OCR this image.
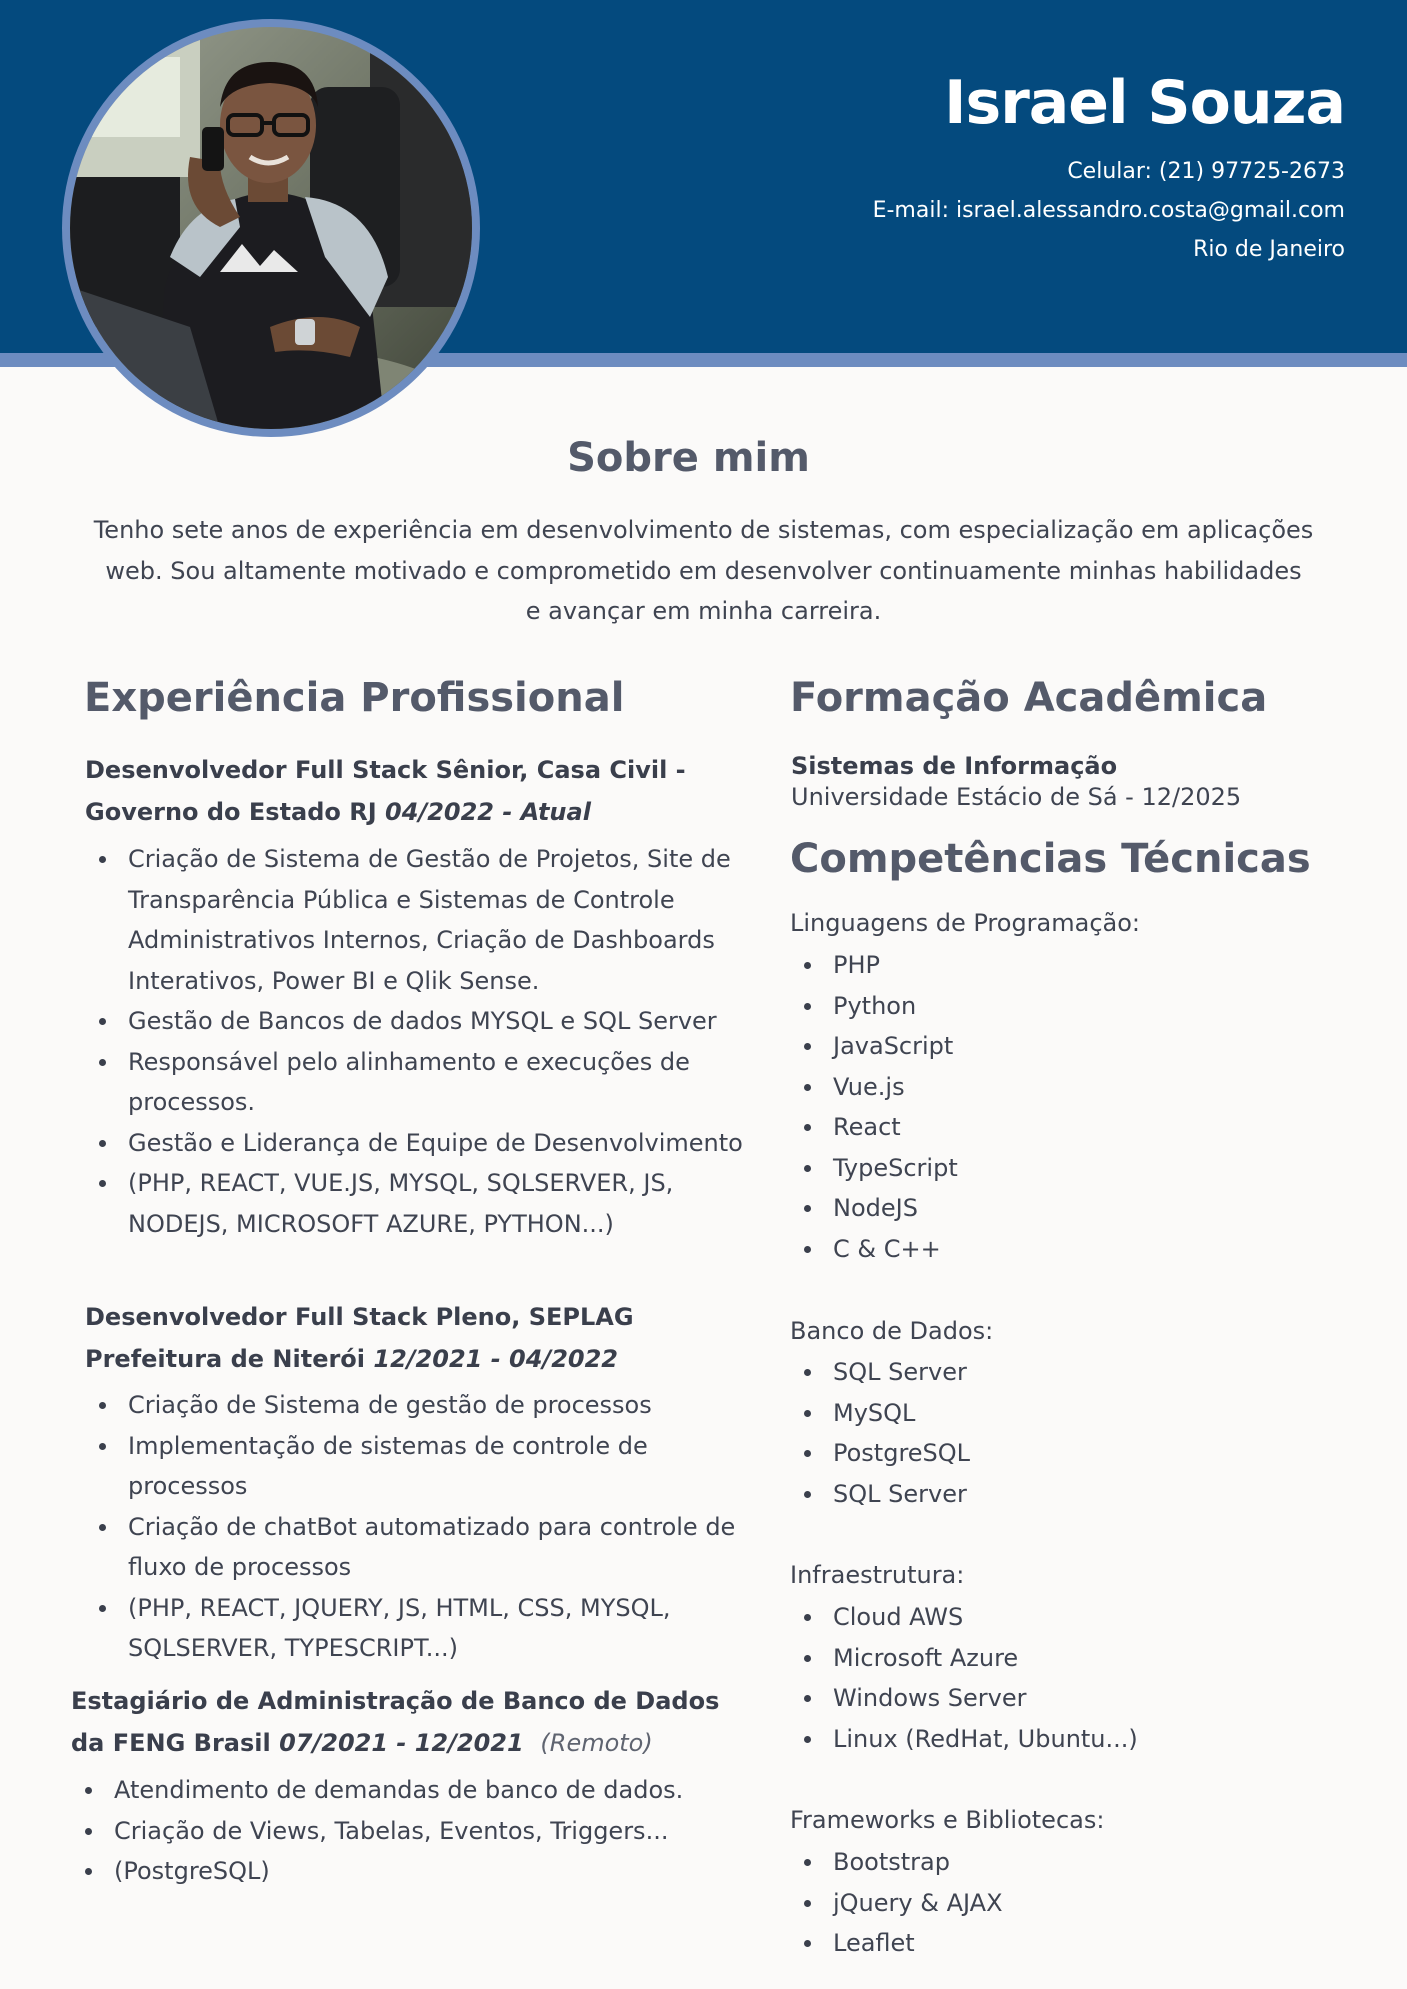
Israel Souza
Celular: (21) 97725-2673
E-mail: israel.alessandro.costa@gmail.com
Rio de Janeiro
Sobre mim
Tenho sete anos de experiência em desenvolvimento de sistemas, com especialização em aplicações
web. Sou altamente motivado e comprometido em desenvolver continuamente minhas habilidades
e avançar em minha carreira.
Experiência Profissional
Desenvolvedor Full Stack Sênior, Casa Civil -
Governo do Estado RJ 04/2022 - Atual
Criação de Sistema de Gestão de Projetos, Site de Transparência Pública e Sistemas de Controle Administrativos Internos, Criação de Dashboards Interativos, Power BI e Qlik Sense.
Gestão de Bancos de dados MYSQL e SQL Server
Responsável pelo alinhamento e execuções de processos.
Gestão e Liderança de Equipe de Desenvolvimento
(PHP, REACT, VUE.JS, MYSQL, SQLSERVER, JS, NODEJS, MICROSOFT AZURE, PYTHON...)
Desenvolvedor Full Stack Pleno, SEPLAG
Prefeitura de Niterói 12/2021 - 04/2022
Criação de Sistema de gestão de processos
Implementação de sistemas de controle de processos
Criação de chatBot automatizado para controle de fluxo de processos
(PHP, REACT, JQUERY, JS, HTML, CSS, MYSQL, SQLSERVER, TYPESCRIPT...)
Estagiário de Administração de Banco de Dados
da FENG Brasil 07/2021 - 12/2021 (Remoto)
Atendimento de demandas de banco de dados.
Criação de Views, Tabelas, Eventos, Triggers...
(PostgreSQL)
Formação Acadêmica
Sistemas de Informação
Universidade Estácio de Sá - 12/2025
Competências Técnicas
Linguagens de Programação:
PHP
Python
JavaScript
Vue.js
React
TypeScript
NodeJS
C & C++
Banco de Dados:
SQL Server
MySQL
PostgreSQL
SQL Server
Infraestrutura:
Cloud AWS
Microsoft Azure
Windows Server
Linux (RedHat, Ubuntu...)
Frameworks e Bibliotecas:
Bootstrap
jQuery & AJAX
Leaflet
